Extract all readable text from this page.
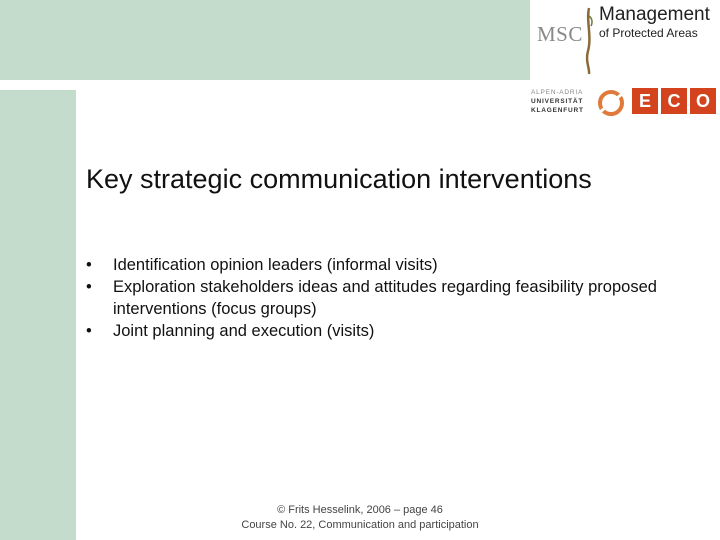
MSC
Management
of Protected Areas
ALPEN-ADRIA
UNIVERSITÄT
KLAGENFURT	E C O
Key strategic communication interventions
• Identification opinion leaders (informal visits)
• Exploration stakeholders ideas and attitudes regarding feasibility proposed interventions (focus groups)
• Joint planning and execution (visits)
© Frits Hesselink, 2006 – page 46
Course No. 22, Communication and participation
